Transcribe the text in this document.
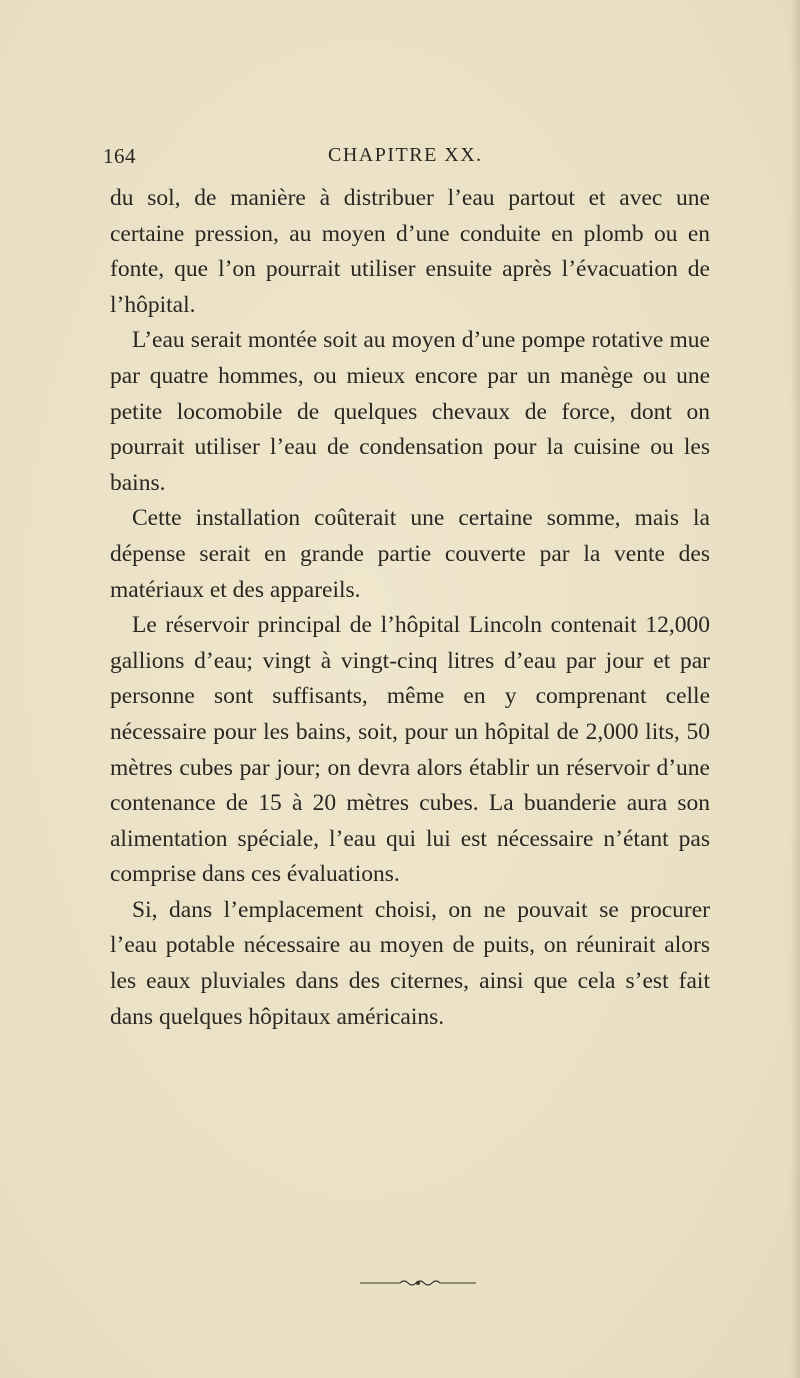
164	CHAPITRE XX.

du sol, de manière à distribuer l’eau partout et avec une certaine pression, au moyen d’une conduite en plomb ou en fonte, que l’on pourrait utiliser ensuite après l’évacuation de l’hôpital.

L’eau serait montée soit au moyen d’une pompe rotative mue par quatre hommes, ou mieux encore par un manège ou une petite locomobile de quelques chevaux de force, dont on pourrait utiliser l’eau de condensation pour la cuisine ou les bains.

Cette installation coûterait une certaine somme, mais la dépense serait en grande partie couverte par la vente des matériaux et des appareils.

Le réservoir principal de l’hôpital Lincoln contenait 12,000 gallions d’eau; vingt à vingt-cinq litres d’eau par jour et par personne sont suffisants, même en y comprenant celle nécessaire pour les bains, soit, pour un hôpital de 2,000 lits, 50 mètres cubes par jour; on devra alors établir un réservoir d’une contenance de 15 à 20 mètres cubes. La buanderie aura son alimentation spéciale, l’eau qui lui est nécessaire n’étant pas comprise dans ces évaluations.

Si, dans l’emplacement choisi, on ne pouvait se procurer l’eau potable nécessaire au moyen de puits, on réunirait alors les eaux pluviales dans des citernes, ainsi que cela s’est fait dans quelques hôpitaux américains.
